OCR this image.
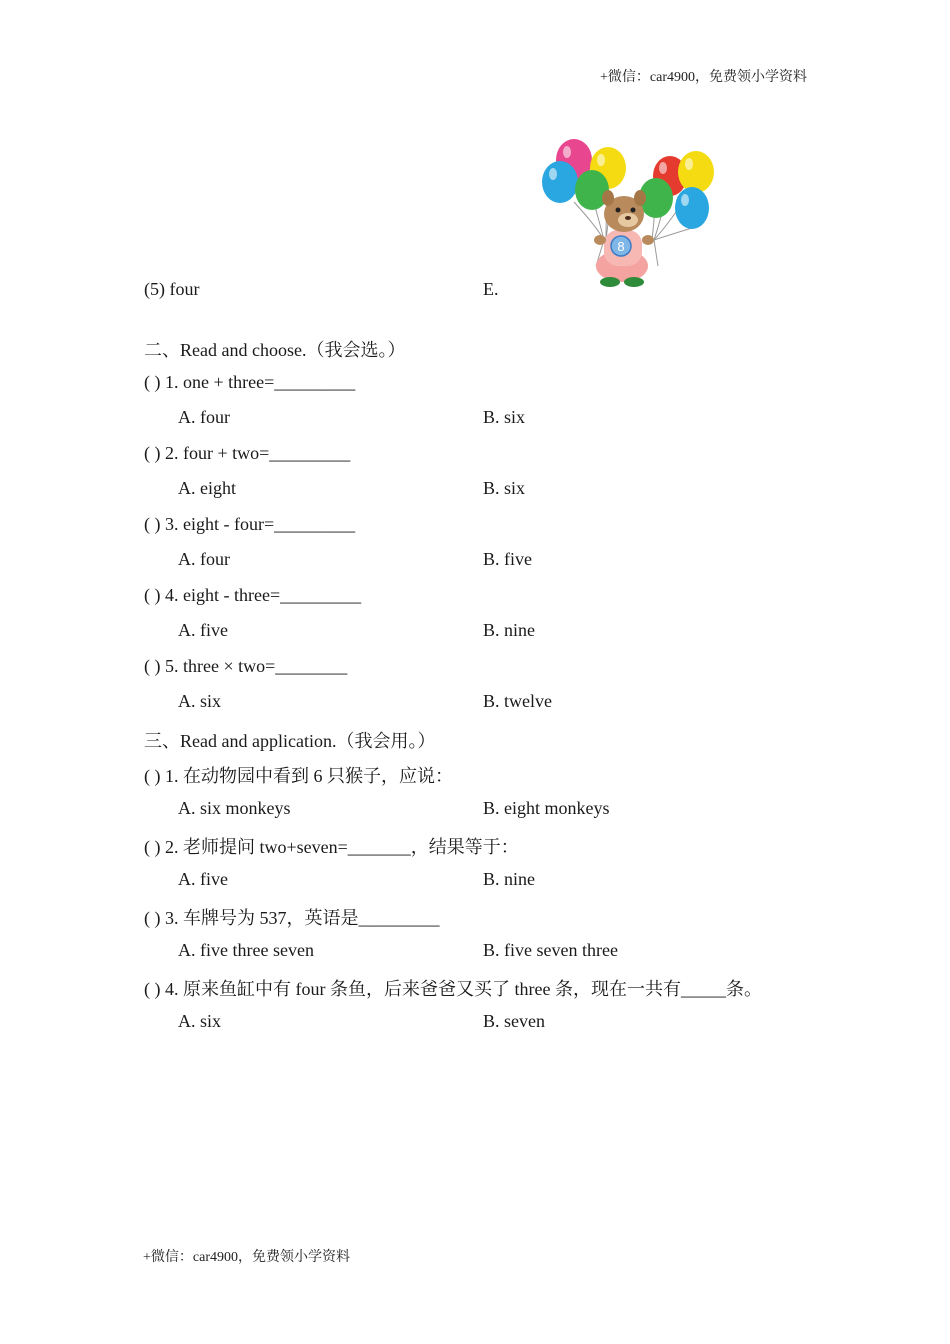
+微信：car4900，免费领小学资料
8
(5) four	E.
二、Read and choose.（我会选。）
( ) 1. one + three=_________
A. four	B. six
( ) 2. four + two=_________
A. eight	B. six
( ) 3. eight - four=_________
A. four	B. five
( ) 4. eight - three=_________
A. five	B. nine
( ) 5. three × two=________
A. six	B. twelve
三、Read and application.（我会用。）
( ) 1. 在动物园中看到 6 只猴子，应说：
A. six monkeys	B. eight monkeys
( ) 2. 老师提问 two+seven=_______，结果等于：
A. five	B. nine
( ) 3. 车牌号为 537，英语是_________
A. five three seven	B. five seven three
( ) 4. 原来鱼缸中有 four 条鱼，后来爸爸又买了 three 条，现在一共有_____条。
A. six	B. seven
+微信：car4900，免费领小学资料
